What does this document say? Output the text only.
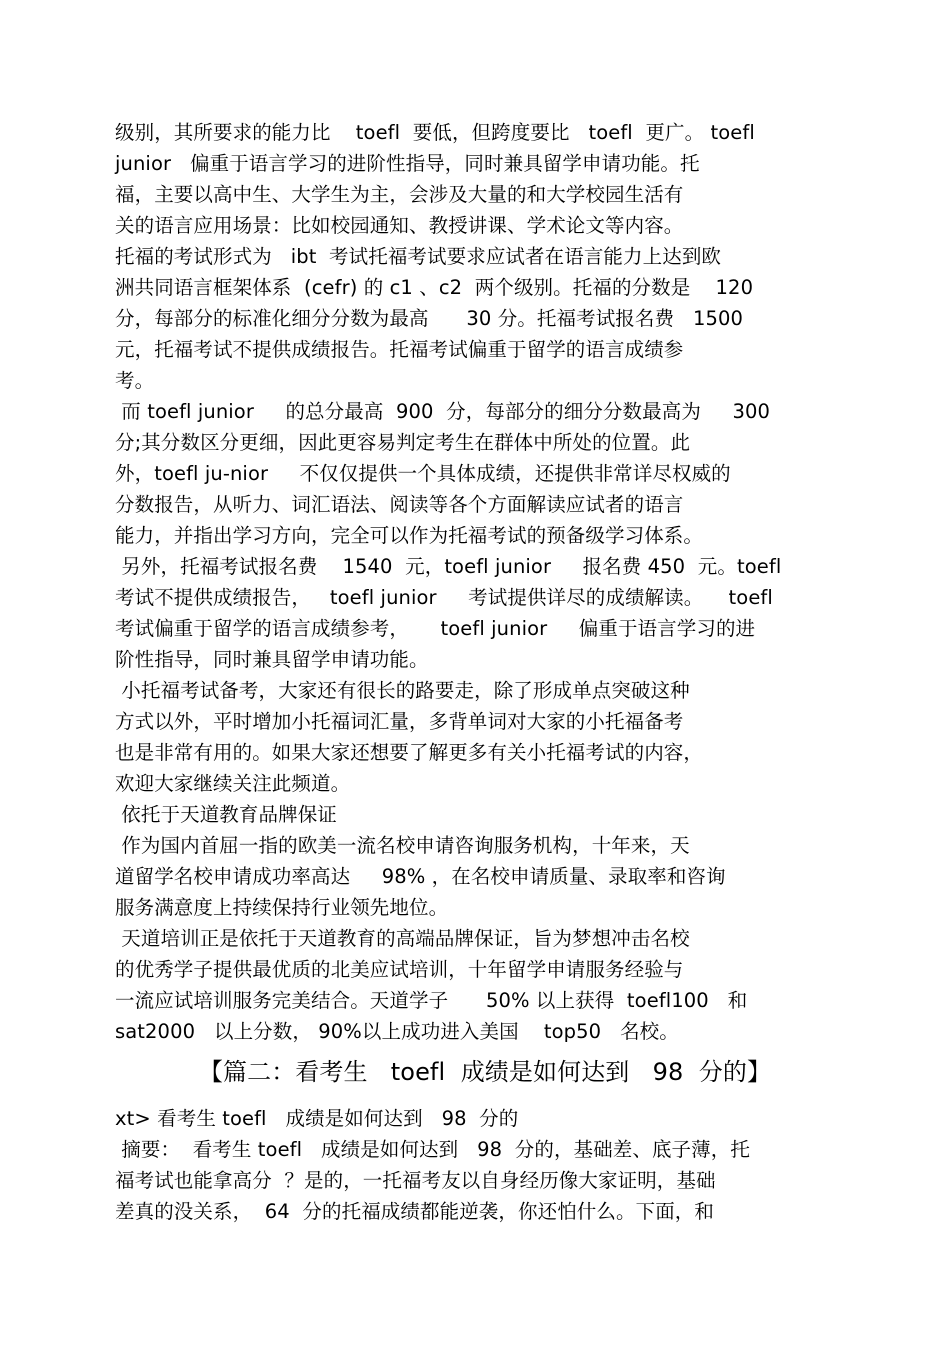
级别，其所要求的能力比    toefl  要低，但跨度要比   toefl  更广。 toefl
junior   偏重于语言学习的进阶性指导，同时兼具留学申请功能。托
福，主要以高中生、大学生为主，会涉及大量的和大学校园生活有
关的语言应用场景：比如校园通知、教授讲课、学术论文等内容。
托福的考试形式为   ibt  考试托福考试要求应试者在语言能力上达到欧
洲共同语言框架体系  (cefr) 的 c1 、c2  两个级别。托福的分数是    120
分，每部分的标准化细分分数为最高      30 分。托福考试报名费   1500
元，托福考试不提供成绩报告。托福考试偏重于留学的语言成绩参
考。
而 toefl junior     的总分最高  900  分，每部分的细分分数最高为     300
分;其分数区分更细，因此更容易判定考生在群体中所处的位置。此
外，toefl ju-nior     不仅仅提供一个具体成绩，还提供非常详尽权威的
分数报告，从听力、词汇语法、阅读等各个方面解读应试者的语言
能力，并指出学习方向，完全可以作为托福考试的预备级学习体系。
另外，托福考试报名费    1540  元，toefl junior     报名费 450  元。toefl
考试不提供成绩报告，   toefl junior     考试提供详尽的成绩解读。    toefl
考试偏重于留学的语言成绩参考，     toefl junior     偏重于语言学习的进
阶性指导，同时兼具留学申请功能。
小托福考试备考，大家还有很长的路要走，除了形成单点突破这种
方式以外，平时增加小托福词汇量，多背单词对大家的小托福备考
也是非常有用的。如果大家还想要了解更多有关小托福考试的内容，
欢迎大家继续关注此频道。
依托于天道教育品牌保证
作为国内首屈一指的欧美一流名校申请咨询服务机构，十年来，天
道留学名校申请成功率高达     98% ，在名校申请质量、录取率和咨询
服务满意度上持续保持行业领先地位。
天道培训正是依托于天道教育的高端品牌保证，旨为梦想冲击名校
的优秀学子提供最优质的北美应试培训，十年留学申请服务经验与
一流应试培训服务完美结合。天道学子      50% 以上获得  toefl100   和
sat2000   以上分数， 90%以上成功进入美国    top50   名校。
【篇二：看考生   toefl  成绩是如何达到   98  分的】
xt> 看考生 toefl   成绩是如何达到   98  分的
摘要：  看考生 toefl   成绩是如何达到   98  分的，基础差、底子薄，托
福考试也能拿高分  ？是的，一托福考友以自身经历像大家证明，基础
差真的没关系，  64  分的托福成绩都能逆袭，你还怕什么。下面，和
